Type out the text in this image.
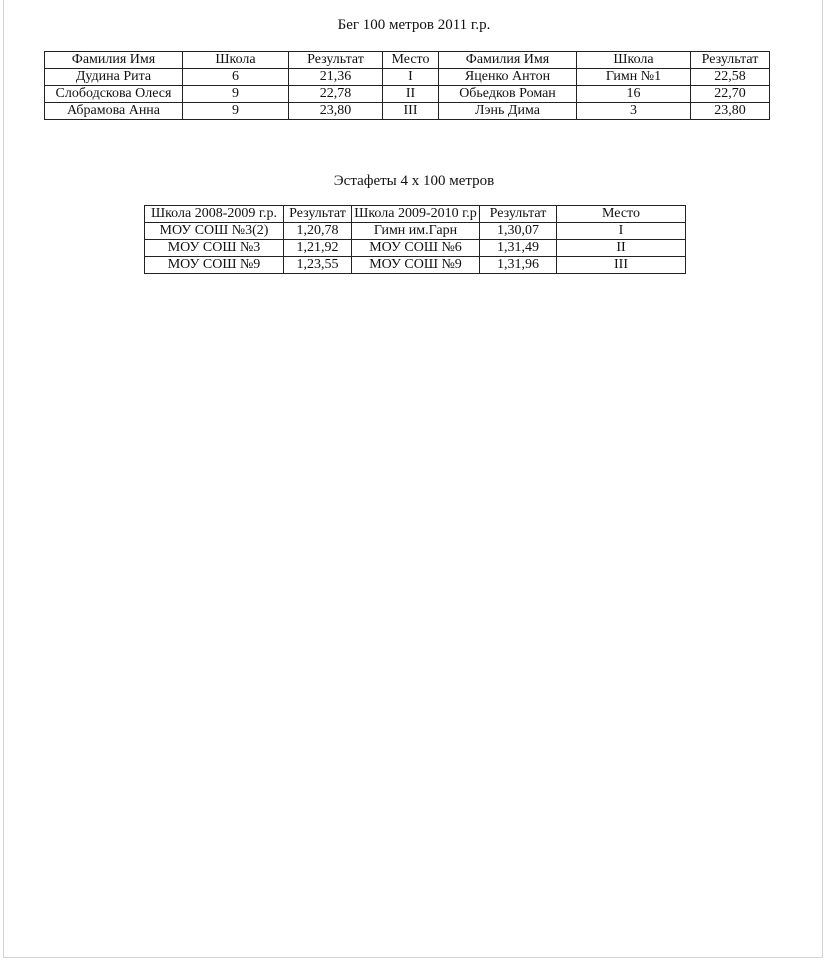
Бег 100 метров 2011 г.р.
Фамилия Имя	Школа	Результат	Место	Фамилия Имя	Школа	Результат
Дудина Рита	6	21,36	I	Яценко Антон	Гимн №1	22,58
Слободскова Олеся	9	22,78	II	Обьедков Роман	16	22,70
Абрамова Анна	9	23,80	III	Лэнь Дима	3	23,80
Эстафеты 4 х 100 метров
Школа 2008-2009 г.р.	Результат	Школа 2009-2010 г.р	Результат	Место
МОУ СОШ №3(2)	1,20,78	Гимн им.Гарн	1,30,07	I
МОУ СОШ №3	1,21,92	МОУ СОШ №6	1,31,49	II
МОУ СОШ №9	1,23,55	МОУ СОШ №9	1,31,96	III
